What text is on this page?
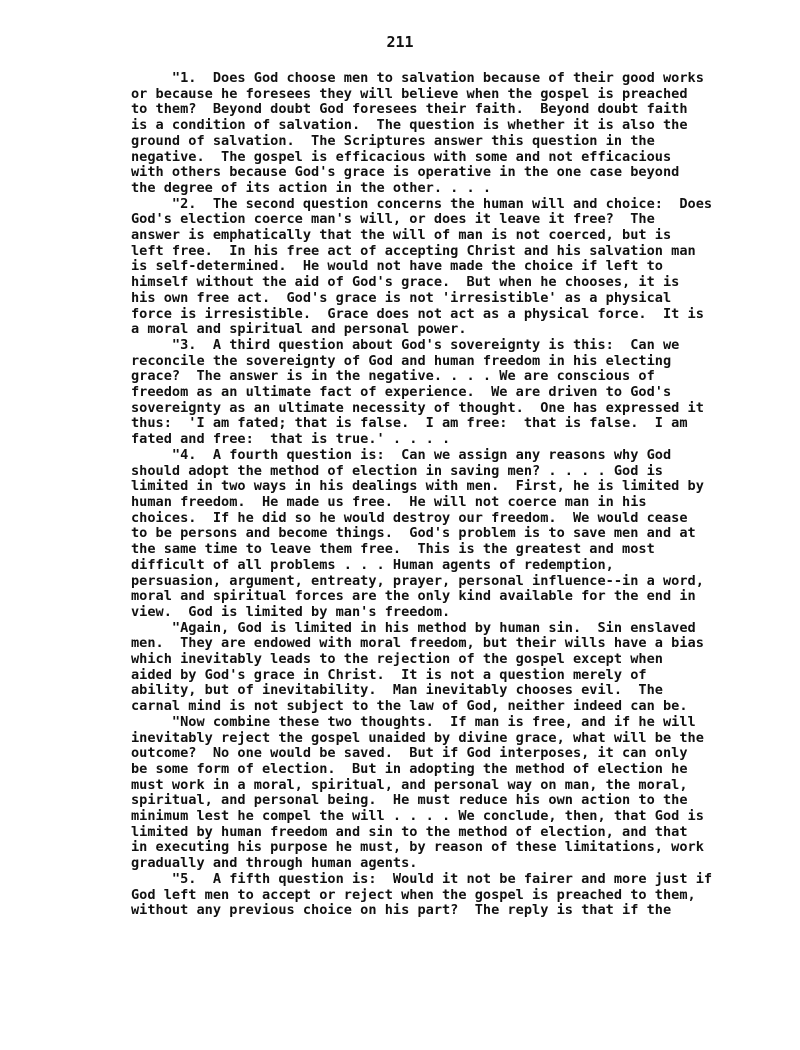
211
"1.  Does God choose men to salvation because of their good works
or because he foresees they will believe when the gospel is preached
to them?  Beyond doubt God foresees their faith.  Beyond doubt faith
is a condition of salvation.  The question is whether it is also the
ground of salvation.  The Scriptures answer this question in the
negative.  The gospel is efficacious with some and not efficacious
with others because God's grace is operative in the one case beyond
the degree of its action in the other. . . .
"2.  The second question concerns the human will and choice:  Does
God's election coerce man's will, or does it leave it free?  The
answer is emphatically that the will of man is not coerced, but is
left free.  In his free act of accepting Christ and his salvation man
is self-determined.  He would not have made the choice if left to
himself without the aid of God's grace.  But when he chooses, it is
his own free act.  God's grace is not 'irresistible' as a physical
force is irresistible.  Grace does not act as a physical force.  It is
a moral and spiritual and personal power.
"3.  A third question about God's sovereignty is this:  Can we
reconcile the sovereignty of God and human freedom in his electing
grace?  The answer is in the negative. . . . We are conscious of
freedom as an ultimate fact of experience.  We are driven to God's
sovereignty as an ultimate necessity of thought.  One has expressed it
thus:  'I am fated; that is false.  I am free:  that is false.  I am
fated and free:  that is true.' . . . .
"4.  A fourth question is:  Can we assign any reasons why God
should adopt the method of election in saving men? . . . . God is
limited in two ways in his dealings with men.  First, he is limited by
human freedom.  He made us free.  He will not coerce man in his
choices.  If he did so he would destroy our freedom.  We would cease
to be persons and become things.  God's problem is to save men and at
the same time to leave them free.  This is the greatest and most
difficult of all problems . . . Human agents of redemption,
persuasion, argument, entreaty, prayer, personal influence--in a word,
moral and spiritual forces are the only kind available for the end in
view.  God is limited by man's freedom.
"Again, God is limited in his method by human sin.  Sin enslaved
men.  They are endowed with moral freedom, but their wills have a bias
which inevitably leads to the rejection of the gospel except when
aided by God's grace in Christ.  It is not a question merely of
ability, but of inevitability.  Man inevitably chooses evil.  The
carnal mind is not subject to the law of God, neither indeed can be.
"Now combine these two thoughts.  If man is free, and if he will
inevitably reject the gospel unaided by divine grace, what will be the
outcome?  No one would be saved.  But if God interposes, it can only
be some form of election.  But in adopting the method of election he
must work in a moral, spiritual, and personal way on man, the moral,
spiritual, and personal being.  He must reduce his own action to the
minimum lest he compel the will . . . . We conclude, then, that God is
limited by human freedom and sin to the method of election, and that
in executing his purpose he must, by reason of these limitations, work
gradually and through human agents.
"5.  A fifth question is:  Would it not be fairer and more just if
God left men to accept or reject when the gospel is preached to them,
without any previous choice on his part?  The reply is that if the
